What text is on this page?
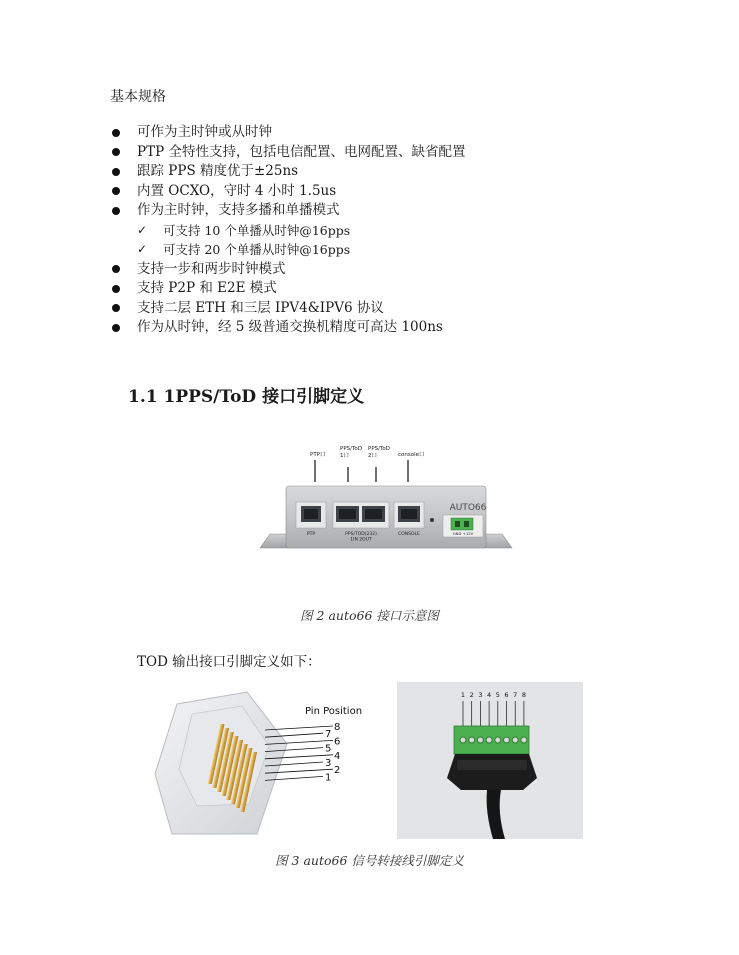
基本规格
可作为主时钟或从时钟
PTP 全特性支持，包括电信配置、电网配置、缺省配置
跟踪 PPS 精度优于±25ns
内置 OCXO，守时 4 小时 1.5us
作为主时钟，支持多播和单播模式
✓ 可支持 10 个单播从时钟@16pps
✓ 可支持 20 个单播从时钟@16pps
支持一步和两步时钟模式
支持 P2P 和 E2E 模式
支持二层 ETH 和三层 IPV4&IPV6 协议
作为从时钟，经 5 级普通交换机精度可高达 100ns
1.1 1PPS/ToD 接口引脚定义
PTP口
PPS/ToD 1口
PPS/ToD 2口	console口
AUTO66
PTP	PPS/TOD(232) 1IN 2OUT
CONSOLE	GND +12V
图 2 auto66 接口示意图
TOD 输出接口引脚定义如下：
8
7
6
5
4
3
2
1
Pin Position
1 2 3 4 5 6 7 8
图 3 auto66 信号转接线引脚定义
